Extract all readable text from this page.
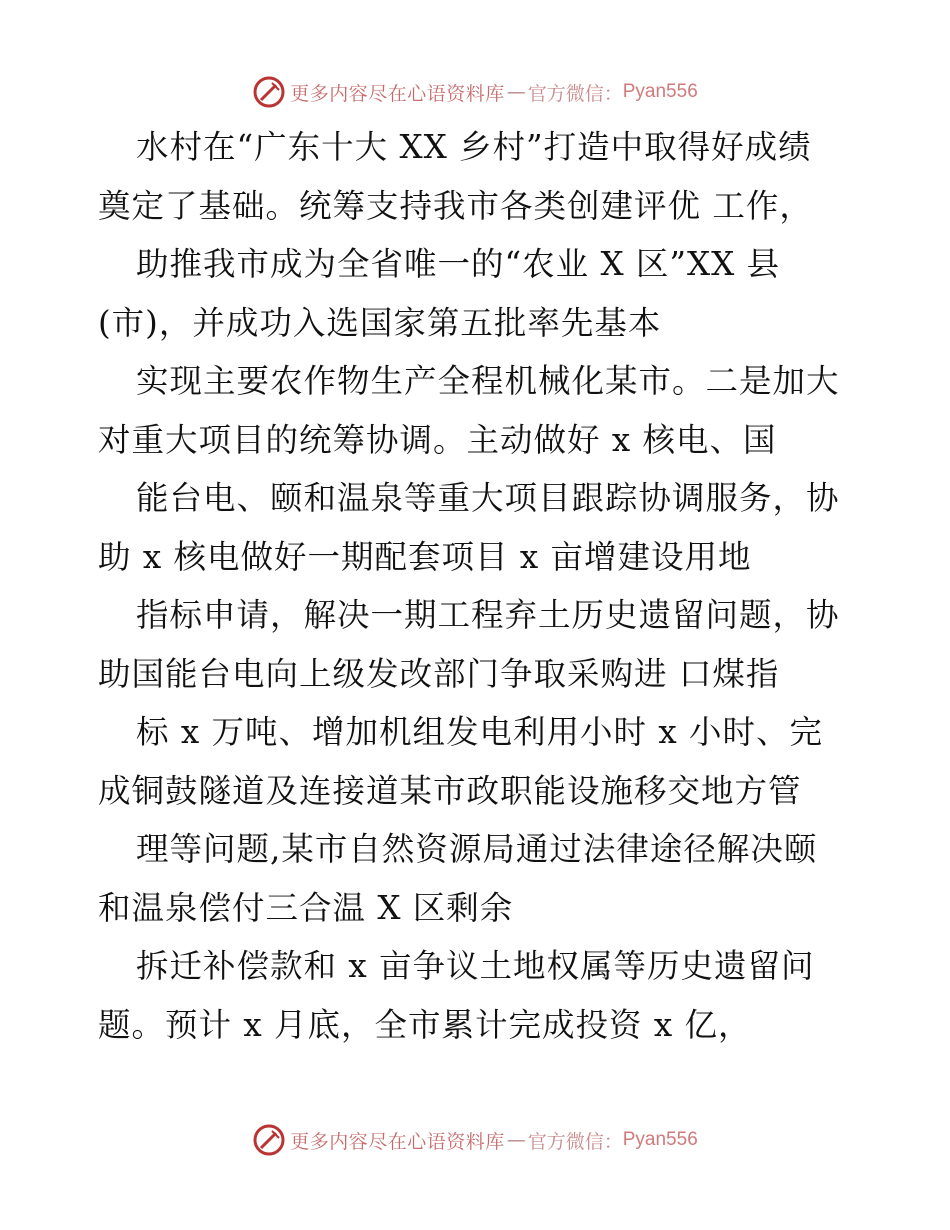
更多内容尽在心语资料库 — 官方微信： Pyan556
水村在“广东十大 XX 乡村”打造中取得好成绩
奠定了基础。统筹支持我市各类创建评优 工作，
助推我市成为全省唯一的“农业 X 区”XX 县
(市)，并成功入选国家第五批率先基本
实现主要农作物生产全程机械化某市。二是加大
对重大项目的统筹协调。主动做好 x 核电、国
能台电、颐和温泉等重大项目跟踪协调服务，协
助 x 核电做好一期配套项目 x 亩增建设用地
指标申请，解决一期工程弃土历史遗留问题，协
助国能台电向上级发改部门争取采购进 口煤指
标 x 万吨、增加机组发电利用小时 x 小时、完
成铜鼓隧道及连接道某市政职能设施移交地方管
理等问题,某市自然资源局通过法律途径解决颐
和温泉偿付三合温 X 区剩余
拆迁补偿款和 x 亩争议土地权属等历史遗留问
题。预计 x 月底，全市累计完成投资 x 亿，
更多内容尽在心语资料库 — 官方微信： Pyan556
